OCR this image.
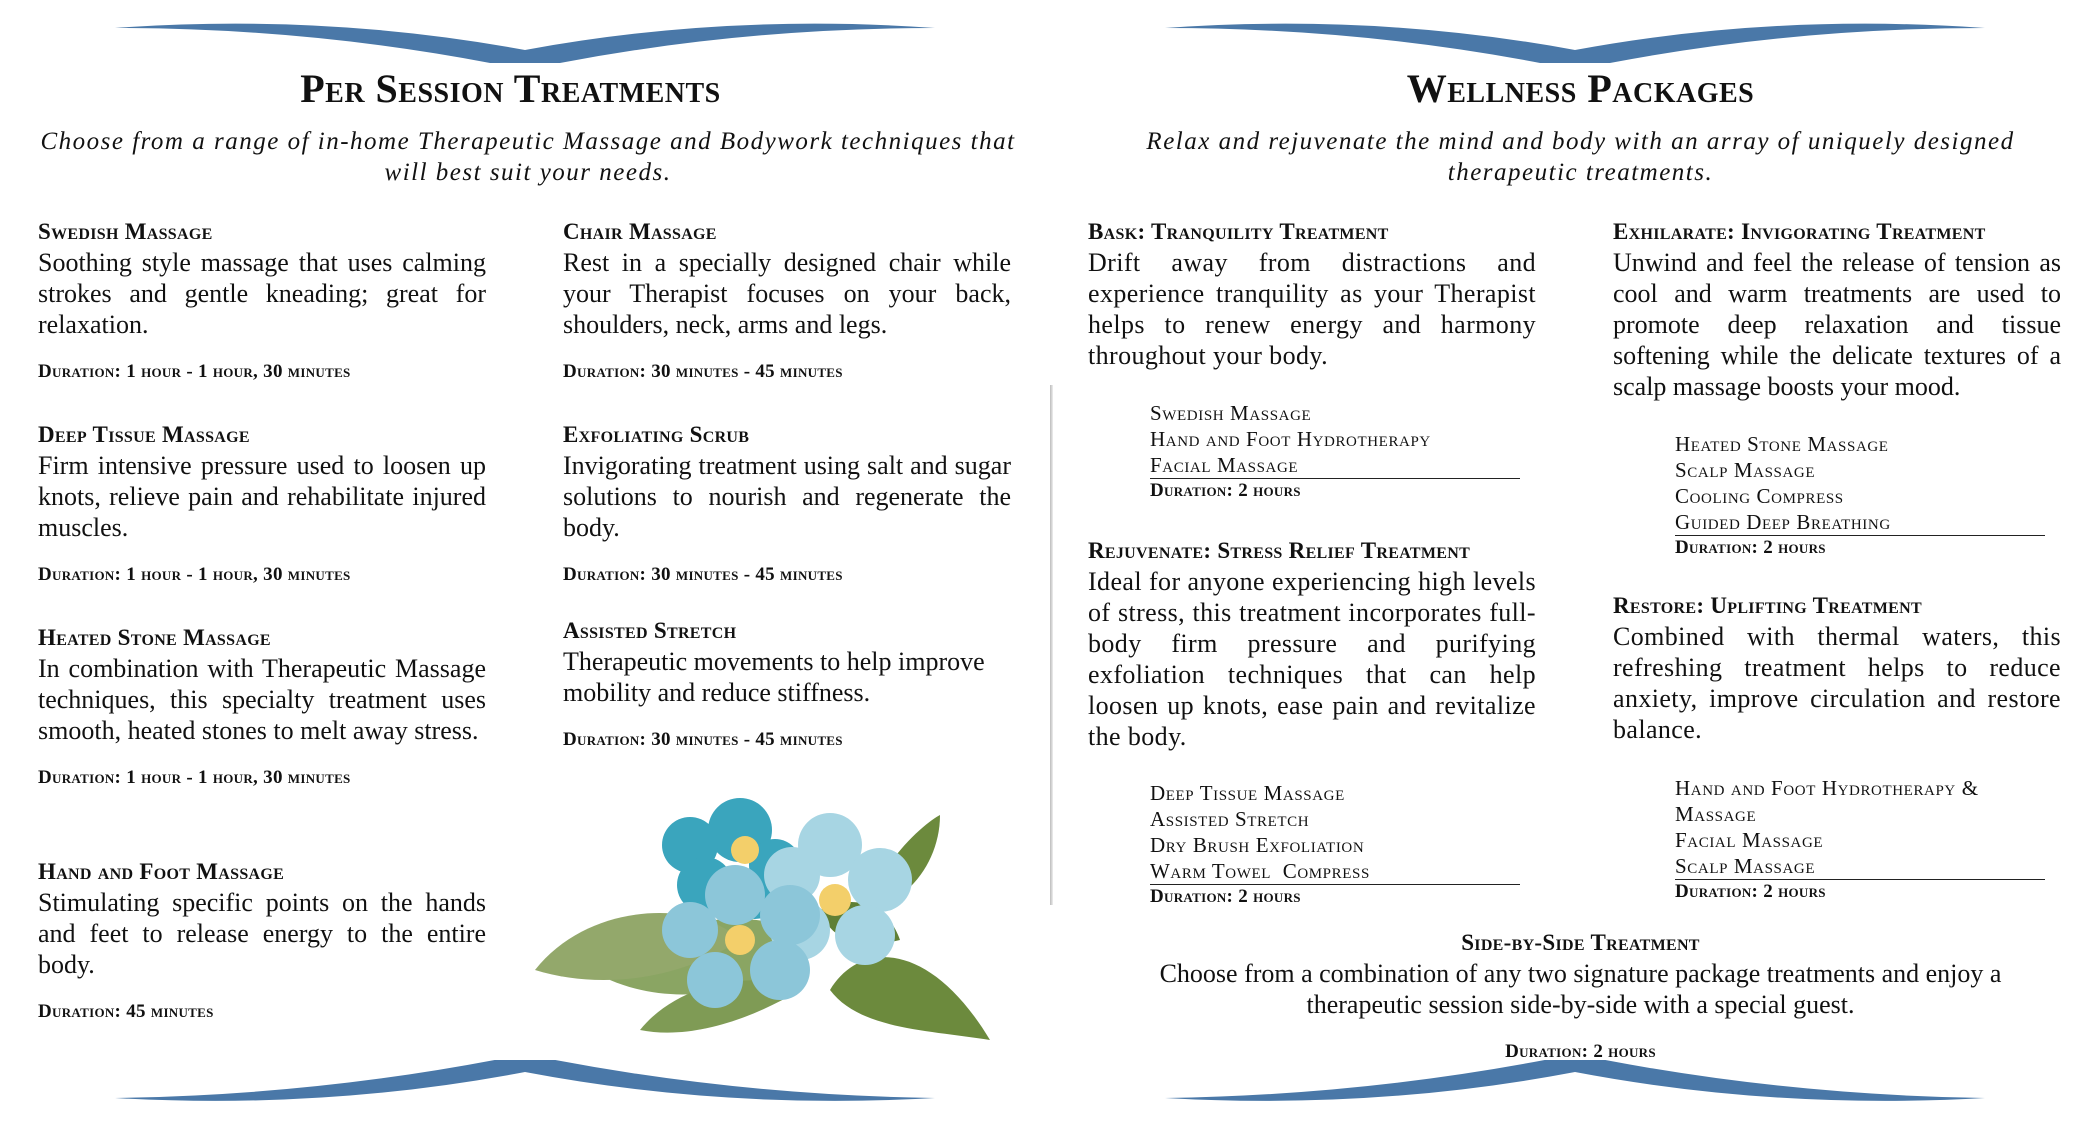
Per Session Treatments
Choose from a range of in-home Therapeutic Massage and Bodywork techniques that will best suit your needs.
Swedish Massage
Soothing style massage that uses calming strokes and gentle kneading; great for relaxation.
Duration: 1 hour - 1 hour, 30 minutes
Deep Tissue Massage
Firm intensive pressure used to loosen up knots, relieve pain and rehabilitate injured muscles.
Duration: 1 hour - 1 hour, 30 minutes
Heated Stone Massage
In combination with Therapeutic Massage techniques, this specialty treatment uses smooth, heated stones to melt away stress.
Duration: 1 hour - 1 hour, 30 minutes
Hand and Foot Massage
Stimulating specific points on the hands and feet to release energy to the entire body.
Duration: 45 minutes
Chair Massage
Rest in a specially designed chair while your Therapist focuses on your back, shoulders, neck, arms and legs.
Duration: 30 minutes - 45 minutes
Exfoliating Scrub
Invigorating treatment using salt and sugar solutions to nourish and regenerate the body.
Duration: 30 minutes - 45 minutes
Assisted Stretch
Therapeutic movements to help improve mobility and reduce stiffness.
Duration: 30 minutes - 45 minutes
Wellness Packages
Relax and rejuvenate the mind and body with an array of uniquely designed therapeutic treatments.
Bask: Tranquility Treatment
Drift away from distractions and experience tranquility as your Therapist helps to renew energy and harmony throughout your body.
Swedish Massage
Hand and Foot Hydrotherapy
Facial Massage
Duration: 2 hours
Rejuvenate: Stress Relief Treatment
Ideal for anyone experiencing high levels of stress, this treatment incorporates full-body firm pressure and purifying exfoliation techniques that can help loosen up knots, ease pain and revitalize the body.
Deep Tissue Massage
Assisted Stretch
Dry Brush Exfoliation
Warm Towel  Compress
Duration: 2 hours
Exhilarate: Invigorating Treatment
Unwind and feel the release of tension as cool and warm treatments are used to promote deep relaxation and tissue softening while the delicate textures of a scalp massage boosts your mood.
Heated Stone Massage
Scalp Massage
Cooling Compress
Guided Deep Breathing
Duration: 2 hours
Restore: Uplifting Treatment
Combined with thermal waters, this refreshing treatment helps to reduce anxiety, improve circulation and restore balance.
Hand and Foot Hydrotherapy & Massage
Facial Massage
Scalp Massage
Duration: 2 hours
Side-by-Side Treatment
Choose from a combination of any two signature package treatments and enjoy a therapeutic session side-by-side with a special guest.
Duration: 2 hours
